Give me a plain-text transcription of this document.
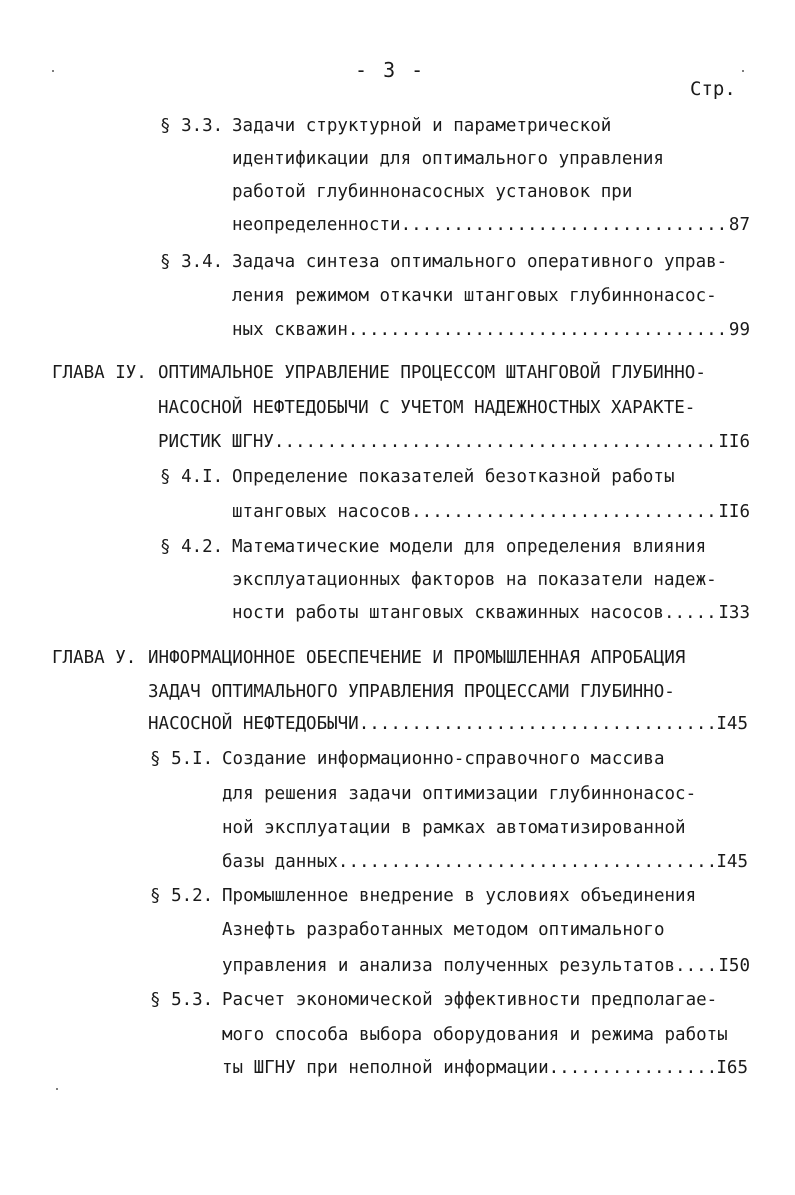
- 3 -
Стр.
§ 3.3. Задачи структурной и параметрической
идентификации для оптимального управления
работой глубиннонасосных установок при
неопределенности .....	87
§ 3.4. Задача синтеза оптимального оперативного управ-
ления режимом откачки штанговых глубиннонасос-
ных скважин .....	99
ГЛАВА IУ. ОПТИМАЛЬНОЕ УПРАВЛЕНИЕ ПРОЦЕССОМ ШТАНГОВОЙ ГЛУБИННО-
НАСОСНОЙ НЕФТЕДОБЫЧИ С УЧЕТОМ НАДЕЖНОСТНЫХ ХАРАКТЕ-
РИСТИК ШГНУ .....	II6
§ 4.I. Определение показателей безотказной работы
штанговых насосов .....	II6
§ 4.2. Математические модели для определения влияния
эксплуатационных факторов на показатели надеж-
ности работы штанговых скважинных насосов .....	I33
ГЛАВА У. ИНФОРМАЦИОННОЕ ОБЕСПЕЧЕНИЕ И ПРОМЫШЛЕННАЯ АПРОБАЦИЯ
ЗАДАЧ ОПТИМАЛЬНОГО УПРАВЛЕНИЯ ПРОЦЕССАМИ ГЛУБИННО-
НАСОСНОЙ НЕФТЕДОБЫЧИ .....	I45
§ 5.I. Создание информационно-справочного массива
для решения задачи оптимизации глубиннонасос-
ной эксплуатации в рамках автоматизированной
базы данных .....	I45
§ 5.2. Промышленное внедрение в условиях объединения
Азнефть разработанных методом оптимального
управления и анализа полученных результатов ..... I50
§ 5.3. Расчет экономической эффективности предполагае-
мого способа выбора оборудования и режима работы
ты ШГНУ при неполной информации .....	I65
